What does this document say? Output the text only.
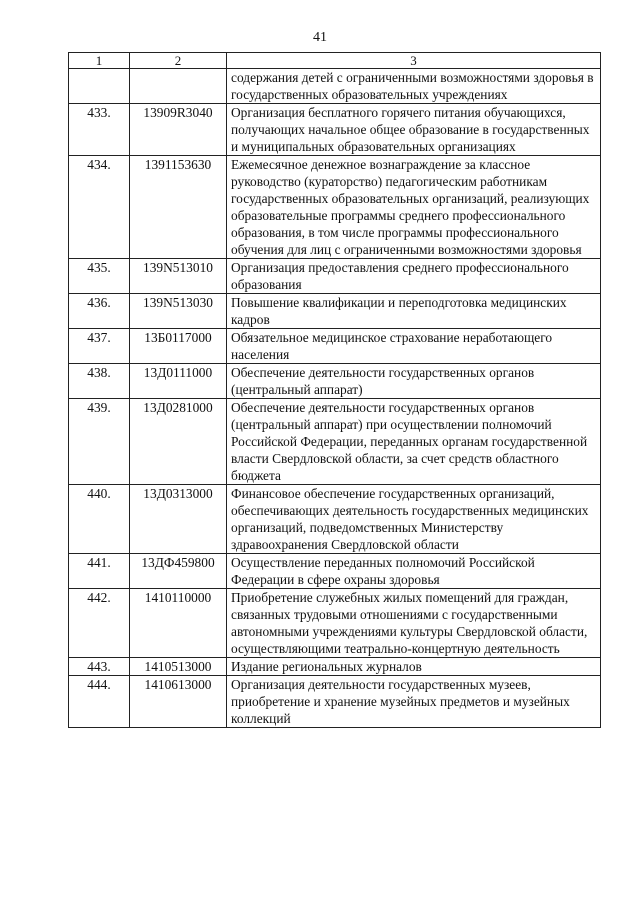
41
1	2	3
		содержания детей с ограниченными возможностями здоровья в государственных образовательных учреждениях
433.	13909R3040	Организация бесплатного горячего питания обучающихся, получающих начальное общее образование в государственных и муниципальных образовательных организациях
434.	1391153630	Ежемесячное денежное вознаграждение за классное руководство (кураторство) педагогическим работникам государственных образовательных организаций, реализующих образовательные программы среднего профессионального образования, в том числе программы профессионального обучения для лиц с ограниченными возможностями здоровья
435.	139N513010	Организация предоставления среднего профессионального образования
436.	139N513030	Повышение квалификации и переподготовка медицинских кадров
437.	13Б0117000	Обязательное медицинское страхование неработающего населения
438.	13Д0111000	Обеспечение деятельности государственных органов (центральный аппарат)
439.	13Д0281000	Обеспечение деятельности государственных органов (центральный аппарат) при осуществлении полномочий Российской Федерации, переданных органам государственной власти Свердловской области, за счет средств областного бюджета
440.	13Д0313000	Финансовое обеспечение государственных организаций, обеспечивающих деятельность государственных медицинских организаций, подведомственных Министерству здравоохранения Свердловской области
441.	13ДФ459800	Осуществление переданных полномочий Российской Федерации в сфере охраны здоровья
442.	1410110000	Приобретение служебных жилых помещений для граждан, связанных трудовыми отношениями с государственными автономными учреждениями культуры Свердловской области, осуществляющими театрально-концертную деятельность
443.	1410513000	Издание региональных журналов
444.	1410613000	Организация деятельности государственных музеев, приобретение и хранение музейных предметов и музейных коллекций
